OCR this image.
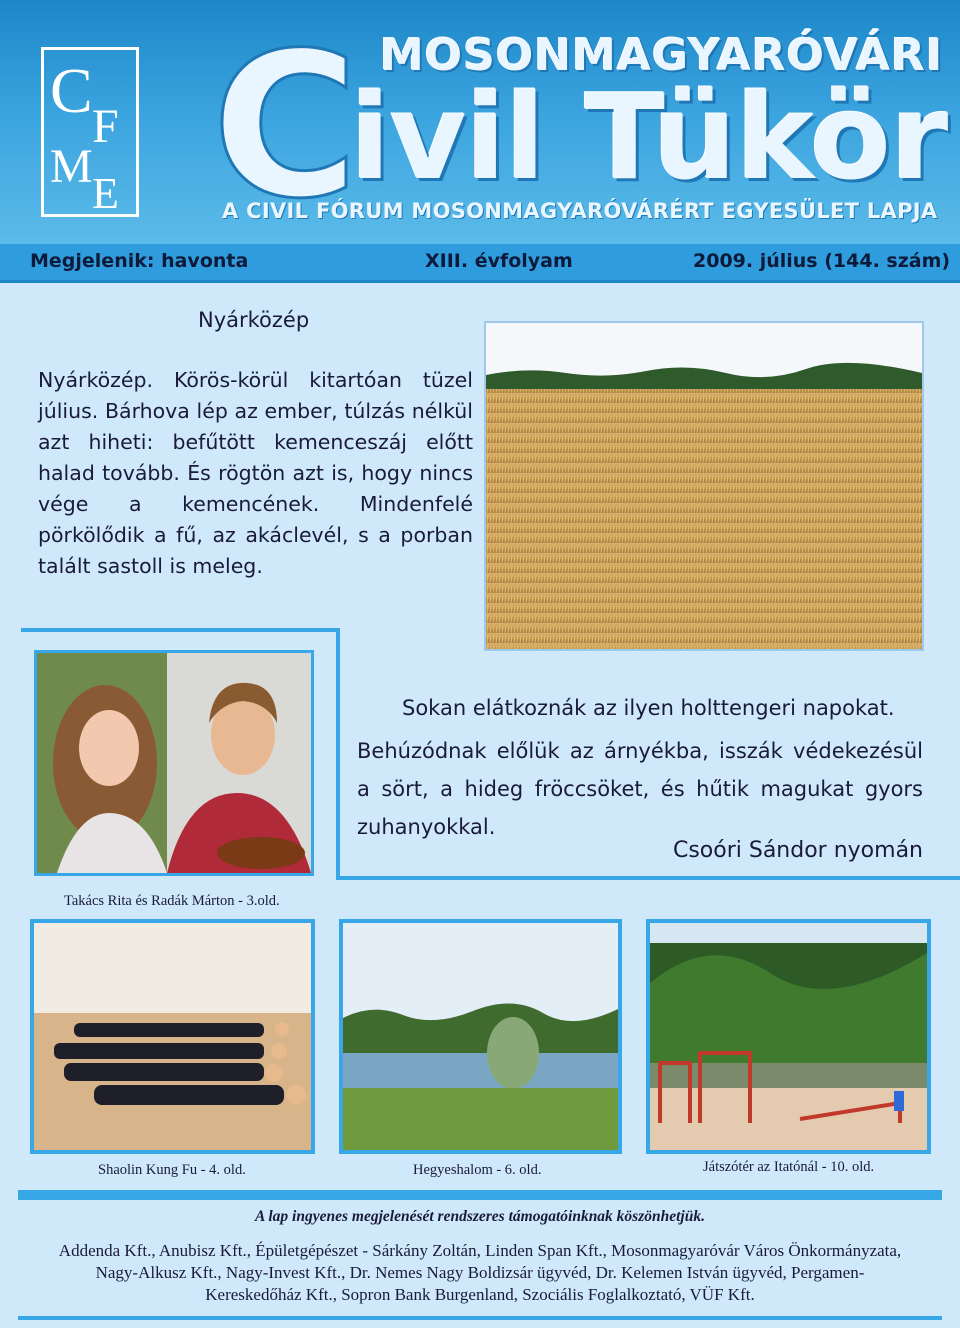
C
F
M
E C MOSONMAGYARÓVÁRI
ivil Tükör
A CIVIL FÓRUM MOSONMAGYARÓVÁRÉRT EGYESÜLET LAPJA
Megjelenik: havonta	XIII. évfolyam	2009. július (144. szám)
Nyárközép
Nyárközép. Körös-körül kitartóan tüzel július. Bárhova lép az ember, túlzás nélkül azt hiheti: befűtött kemenceszáj előtt halad tovább. És rögtön azt is, hogy nincs vége a kemencének. Mindenfelé pörkölődik a fű, az akáclevél, s a porban talált sastoll is meleg.
Takács Rita és Radák Márton - 3.old.
Sokan elátkoznák az ilyen holttengeri napokat.
Behúzódnak előlük az árnyékba, isszák védekezésül a sört, a hideg fröccsöket, és hűtik magukat gyors zuhanyokkal.
Csoóri Sándor nyomán
Shaolin Kung Fu - 4. old.	Hegyeshalom - 6. old.	Játszótér az Itatónál - 10. old.
A lap ingyenes megjelenését rendszeres támogatóinknak köszönhetjük.
Addenda Kft., Anubisz Kft., Épületgépészet - Sárkány Zoltán, Linden Span Kft., Mosonmagyaróvár Város Önkormányzata,
Nagy-Alkusz Kft., Nagy-Invest Kft., Dr. Nemes Nagy Boldizsár ügyvéd, Dr. Kelemen István ügyvéd, Pergamen-
Kereskedőház Kft., Sopron Bank Burgenland, Szociális Foglalkoztató, VÜF Kft.
